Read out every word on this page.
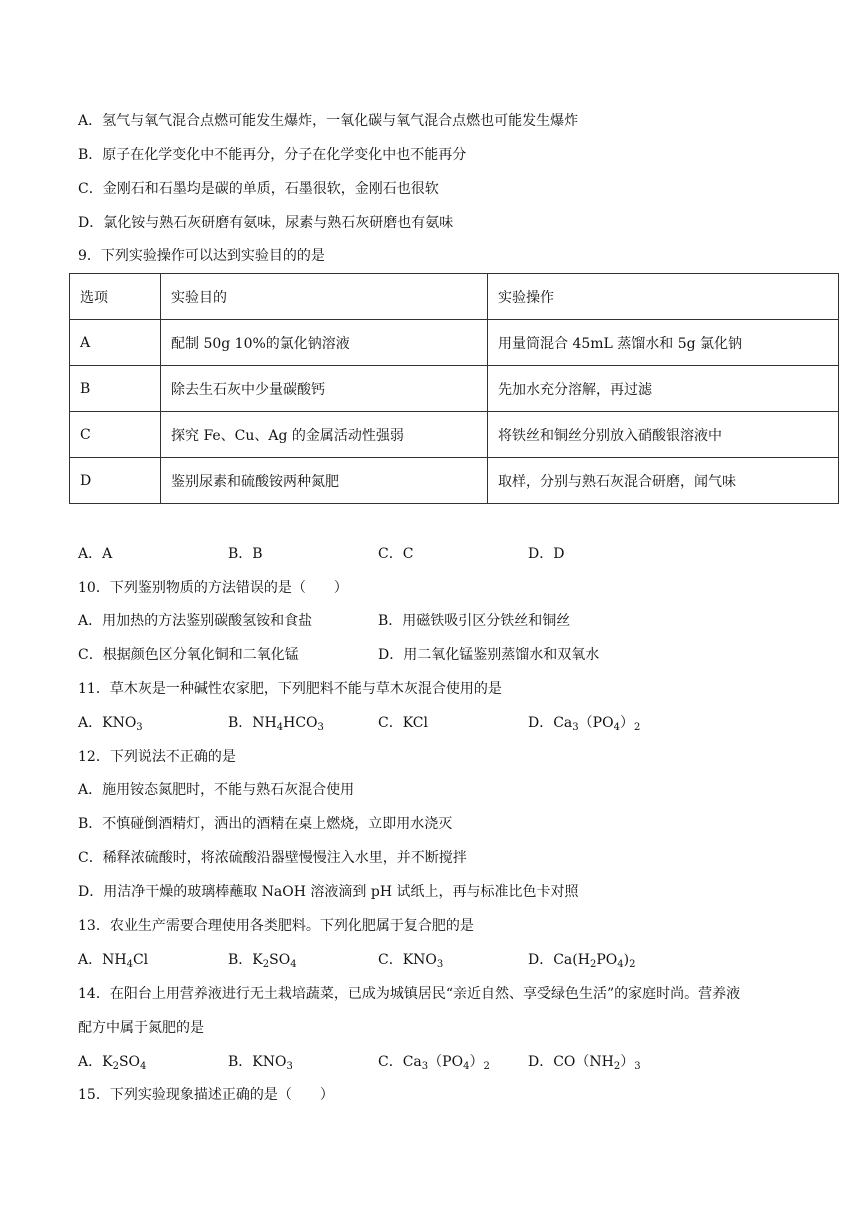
A．氢气与氧气混合点燃可能发生爆炸，一氧化碳与氧气混合点燃也可能发生爆炸
B．原子在化学变化中不能再分，分子在化学变化中也不能再分
C．金刚石和石墨均是碳的单质，石墨很软，金刚石也很软
D．氯化铵与熟石灰研磨有氨味，尿素与熟石灰研磨也有氨味
9．下列实验操作可以达到实验目的的是
选项	实验目的	实验操作
A	配制 50g 10%的氯化钠溶液	用量筒混合 45mL 蒸馏水和 5g 氯化钠
B	除去生石灰中少量碳酸钙	先加水充分溶解，再过滤
C	探究 Fe、Cu、Ag 的金属活动性强弱	将铁丝和铜丝分别放入硝酸银溶液中
D	鉴别尿素和硫酸铵两种氮肥	取样，分别与熟石灰混合研磨，闻气味
A．A	B．B	C．C	D．D
10．下列鉴别物质的方法错误的是（　　）
A．用加热的方法鉴别碳酸氢铵和食盐	B．用磁铁吸引区分铁丝和铜丝
C．根据颜色区分氧化铜和二氧化锰	D．用二氧化锰鉴别蒸馏水和双氧水
11．草木灰是一种碱性农家肥，下列肥料不能与草木灰混合使用的是
A．$KNO_3$	B．$NH_4HCO_3$	C．KCl	D．$Ca_3(PO_4)_2$
12．下列说法不正确的是
A．施用铵态氮肥时，不能与熟石灰混合使用
B．不慎碰倒酒精灯，洒出的酒精在桌上燃烧，立即用水浇灭
C．稀释浓硫酸时，将浓硫酸沿器壁慢慢注入水里，并不断搅拌
D．用洁净干燥的玻璃棒蘸取 NaOH 溶液滴到 pH 试纸上，再与标准比色卡对照
13．农业生产需要合理使用各类肥料。下列化肥属于复合肥的是
A．$NH_4Cl$	B．$K_2SO_4$	C．$KNO_3$	D．$Ca(H_2PO_4)_2$
14．在阳台上用营养液进行无土栽培蔬菜，已成为城镇居民“亲近自然、享受绿色生活”的家庭时尚。营养液
配方中属于氮肥的是
A．$K_2SO_4$	B．$KNO_3$	C．$Ca_3(PO_4)_2$	D．$CO(NH_2)_3$
15．下列实验现象描述正确的是（　　）
